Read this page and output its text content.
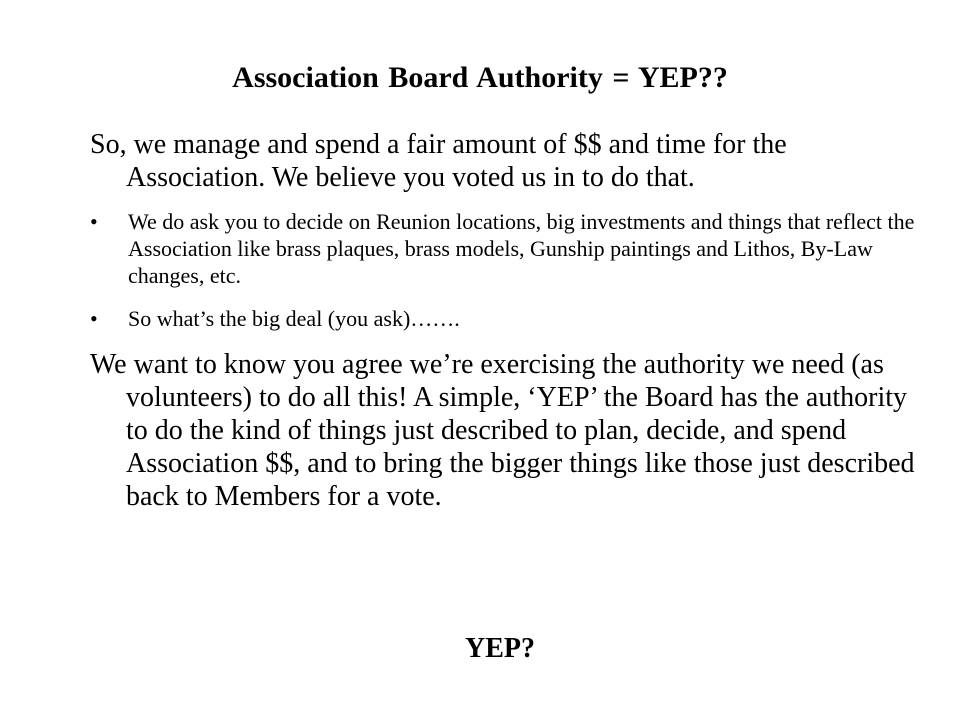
Association Board Authority = YEP??

So, we manage and spend a fair amount of $$ and time for the Association. We believe you voted us in to do that.

• We do ask you to decide on Reunion locations, big investments and things that reflect the Association like brass plaques, brass models, Gunship paintings and Lithos, By-Law changes, etc.
• So what’s the big deal (you ask)…….

We want to know you agree we’re exercising the authority we need (as volunteers) to do all this! A simple, ‘YEP’ the Board has the authority to do the kind of things just described to plan, decide, and spend Association $$, and to bring the bigger things like those just described back to Members for a vote.

YEP?
